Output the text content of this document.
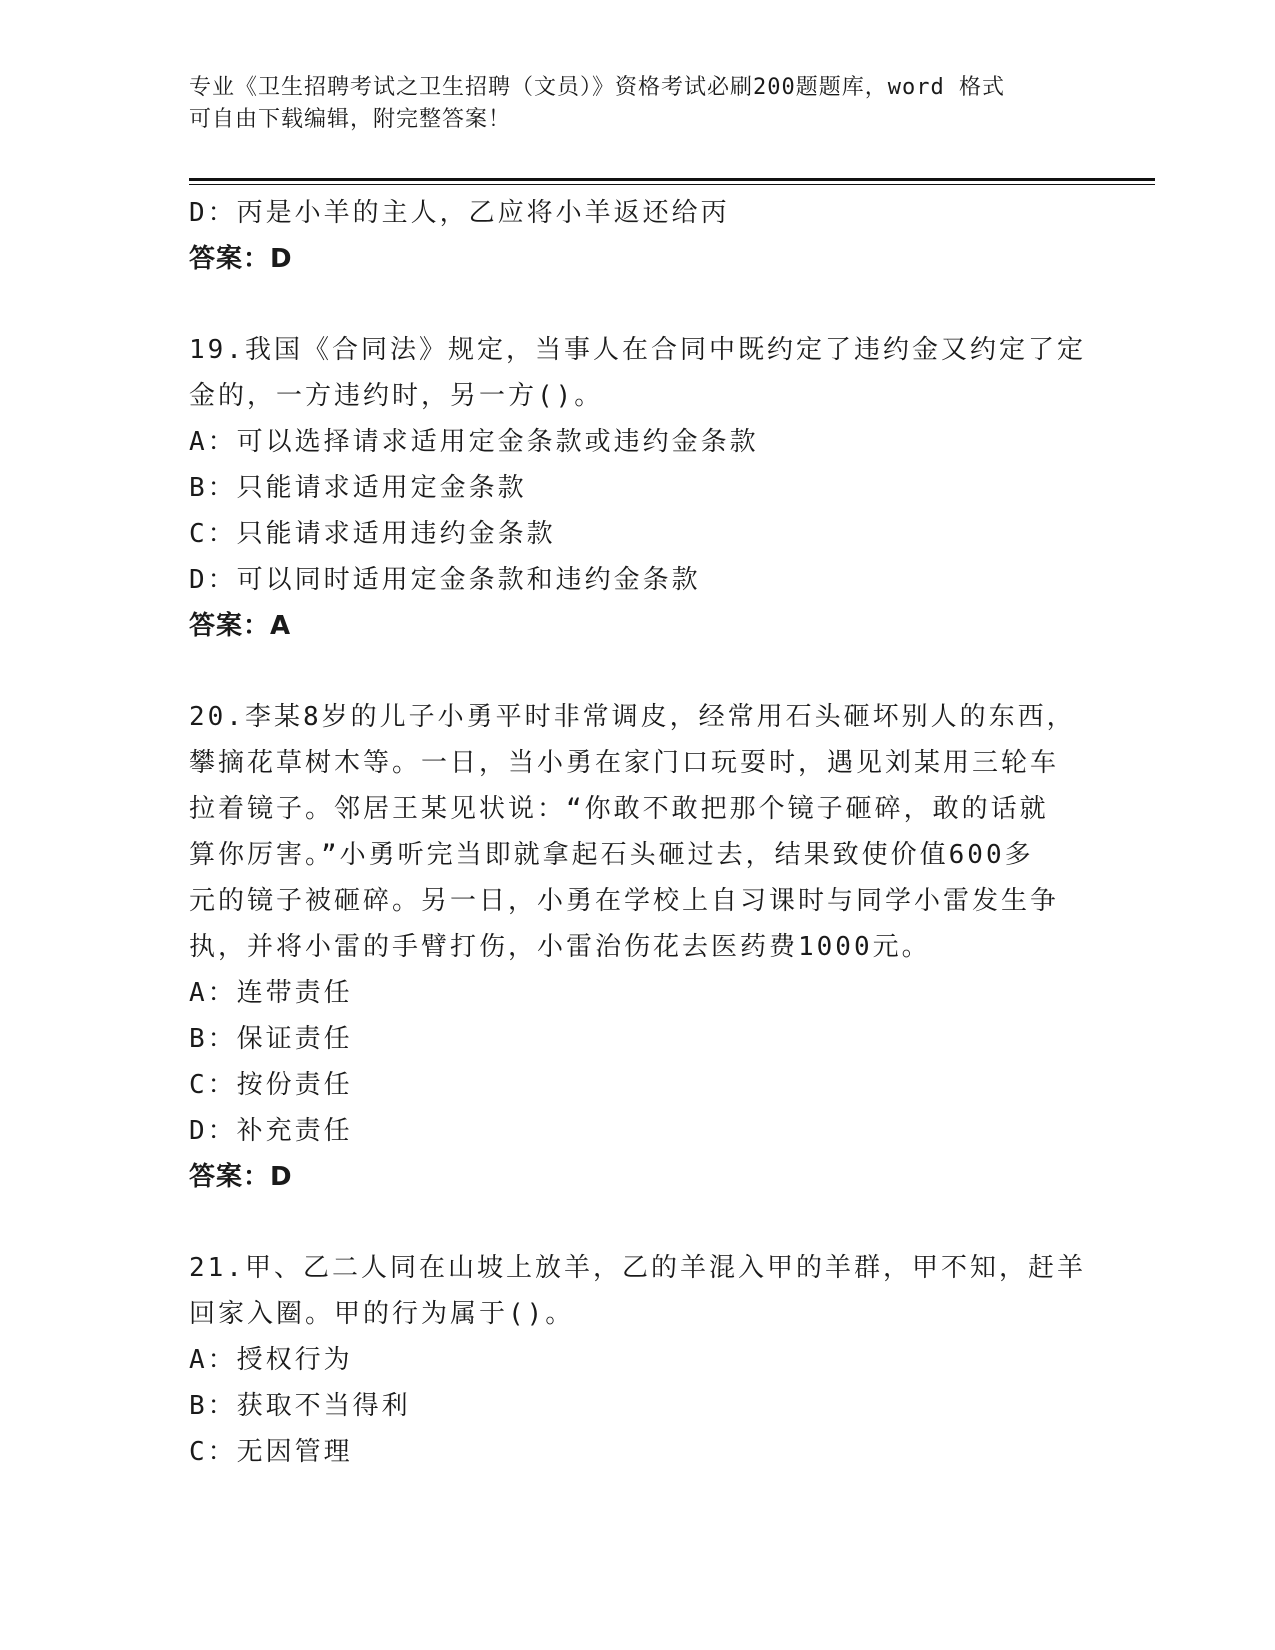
专业《卫生招聘考试之卫生招聘（文员）》资格考试必刷200题题库，word 格式
可自由下载编辑，附完整答案！
D：丙是小羊的主人，乙应将小羊返还给丙
答案：D
19.我国《合同法》规定，当事人在合同中既约定了违约金又约定了定
金的，一方违约时，另一方()。
A：可以选择请求适用定金条款或违约金条款
B：只能请求适用定金条款
C：只能请求适用违约金条款
D：可以同时适用定金条款和违约金条款
答案：A
20.李某8岁的儿子小勇平时非常调皮，经常用石头砸坏别人的东西，
攀摘花草树木等。一日，当小勇在家门口玩耍时，遇见刘某用三轮车
拉着镜子。邻居王某见状说：“你敢不敢把那个镜子砸碎，敢的话就
算你厉害。”小勇听完当即就拿起石头砸过去，结果致使价值600多
元的镜子被砸碎。另一日，小勇在学校上自习课时与同学小雷发生争
执，并将小雷的手臂打伤，小雷治伤花去医药费1000元。
A：连带责任
B：保证责任
C：按份责任
D：补充责任
答案：D
21.甲、乙二人同在山坡上放羊，乙的羊混入甲的羊群，甲不知，赶羊
回家入圈。甲的行为属于()。
A：授权行为
B：获取不当得利
C：无因管理
